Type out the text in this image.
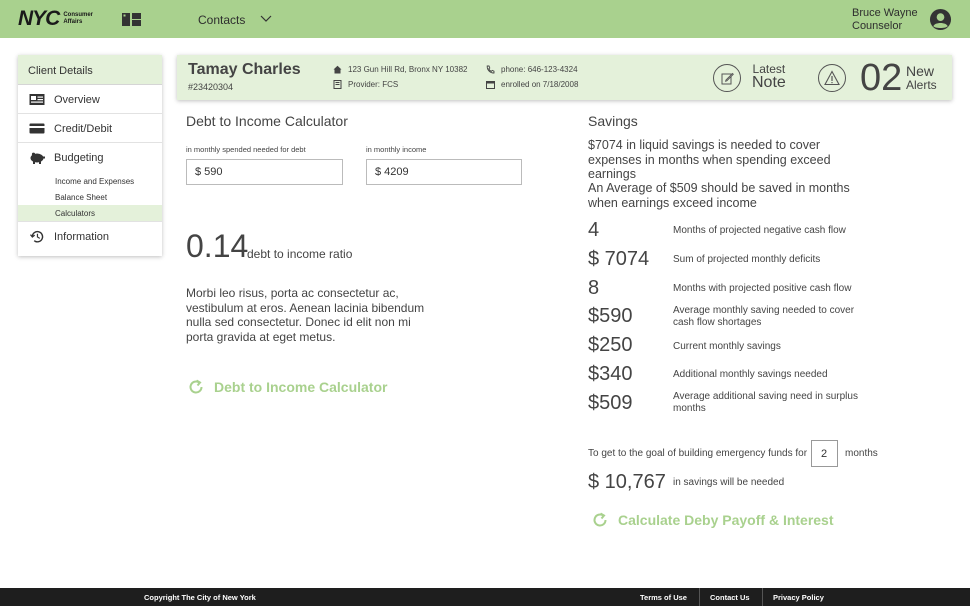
NYC Consumer
Affairs	Contacts	Bruce Wayne
Counselor
Client Details
Overview
Credit/Debit
Budgeting
Income and Expenses
Balance Sheet
Calculators
Information
Tamay Charles
#23420304
123 Gun Hill Rd, Bronx NY 10382
Provider: FCS
phone: 646-123-4324
enrolled on 7/18/2008
Latest
Note 02 New
Alerts
Debt to Income Calculator
in monthly spended needed for debt
$ 590
in monthly income
$ 4209
0.14
debt to income ratio
Morbi leo risus, porta ac consectetur ac, vestibulum at eros. Aenean lacinia bibendum nulla sed consectetur. Donec id elit non mi porta gravida at eget metus.
Debt to Income Calculator
Savings
$7074 in liquid savings is needed to cover expenses in months when spending exceed earnings
An Average of $509 should be saved in months when earnings exceed income
4	Months of projected negative cash flow
$ 7074 Sum of projected monthly deficits
8	Months with projected positive cash flow
$590	Average monthly saving needed to cover cash flow shortages
$250	Current monthly savings
$340	Additional monthly savings needed
$509	Average additional saving need in surplus months
To get to the goal of building emergency funds for	2	months
$ 10,767 in savings will be needed
Calculate Deby Payoff & Interest
Copyright The City of New York	Terms of Use	Contact Us	Privacy Policy
